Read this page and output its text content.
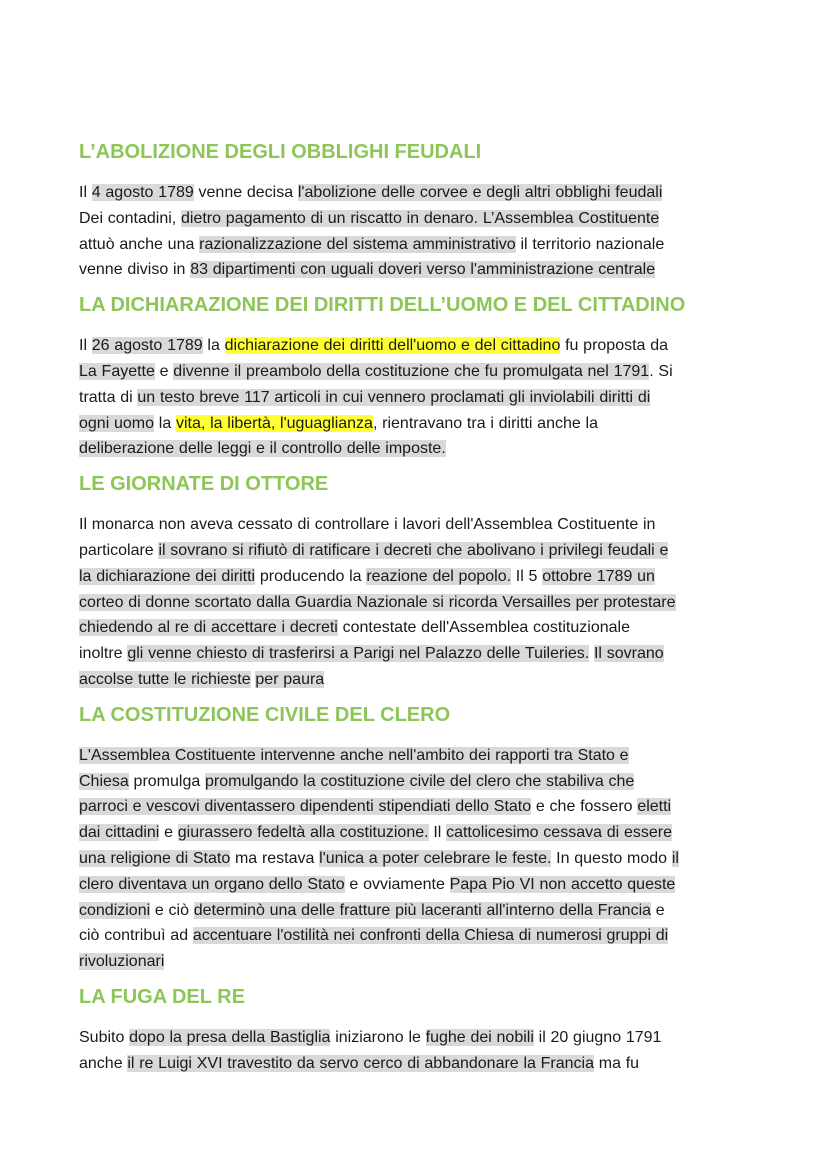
L’ABOLIZIONE DEGLI OBBLIGHI FEUDALI

Il 4 agosto 1789 venne decisa l'abolizione delle corvee e degli altri obblighi feudali
Dei contadini, dietro pagamento di un riscatto in denaro. L’Assemblea Costituente
attuò anche una razionalizzazione del sistema amministrativo il territorio nazionale
venne diviso in 83 dipartimenti con uguali doveri verso l'amministrazione centrale

LA DICHIARAZIONE DEI DIRITTI DELL’UOMO E DEL CITTADINO

Il 26 agosto 1789 la dichiarazione dei diritti dell'uomo e del cittadino fu proposta da
La Fayette e divenne il preambolo della costituzione che fu promulgata nel 1791. Si
tratta di un testo breve 117 articoli in cui vennero proclamati gli inviolabili diritti di
ogni uomo la vita, la libertà, l'uguaglianza, rientravano tra i diritti anche la
deliberazione delle leggi e il controllo delle imposte.

LE GIORNATE DI OTTORE

Il monarca non aveva cessato di controllare i lavori dell'Assemblea Costituente in
particolare il sovrano si rifiutò di ratificare i decreti che abolivano i privilegi feudali e
la dichiarazione dei diritti producendo la reazione del popolo. Il 5 ottobre 1789 un
corteo di donne scortato dalla Guardia Nazionale si ricorda Versailles per protestare
chiedendo al re di accettare i decreti contestate dell'Assemblea costituzionale
inoltre gli venne chiesto di trasferirsi a Parigi nel Palazzo delle Tuileries. Il sovrano
accolse tutte le richieste per paura

LA COSTITUZIONE CIVILE DEL CLERO

L'Assemblea Costituente intervenne anche nell'ambito dei rapporti tra Stato e
Chiesa promulga promulgando la costituzione civile del clero che stabiliva che
parroci e vescovi diventassero dipendenti stipendiati dello Stato e che fossero eletti
dai cittadini e giurassero fedeltà alla costituzione. Il cattolicesimo cessava di essere
una religione di Stato ma restava l'unica a poter celebrare le feste. In questo modo il
clero diventava un organo dello Stato e ovviamente Papa Pio VI non accetto queste
condizioni e ciò determinò una delle fratture più laceranti all'interno della Francia e
ciò contribuì ad accentuare l'ostilità nei confronti della Chiesa di numerosi gruppi di
rivoluzionari

LA FUGA DEL RE

Subito dopo la presa della Bastiglia iniziarono le fughe dei nobili il 20 giugno 1791
anche il re Luigi XVI travestito da servo cerco di abbandonare la Francia ma fu
